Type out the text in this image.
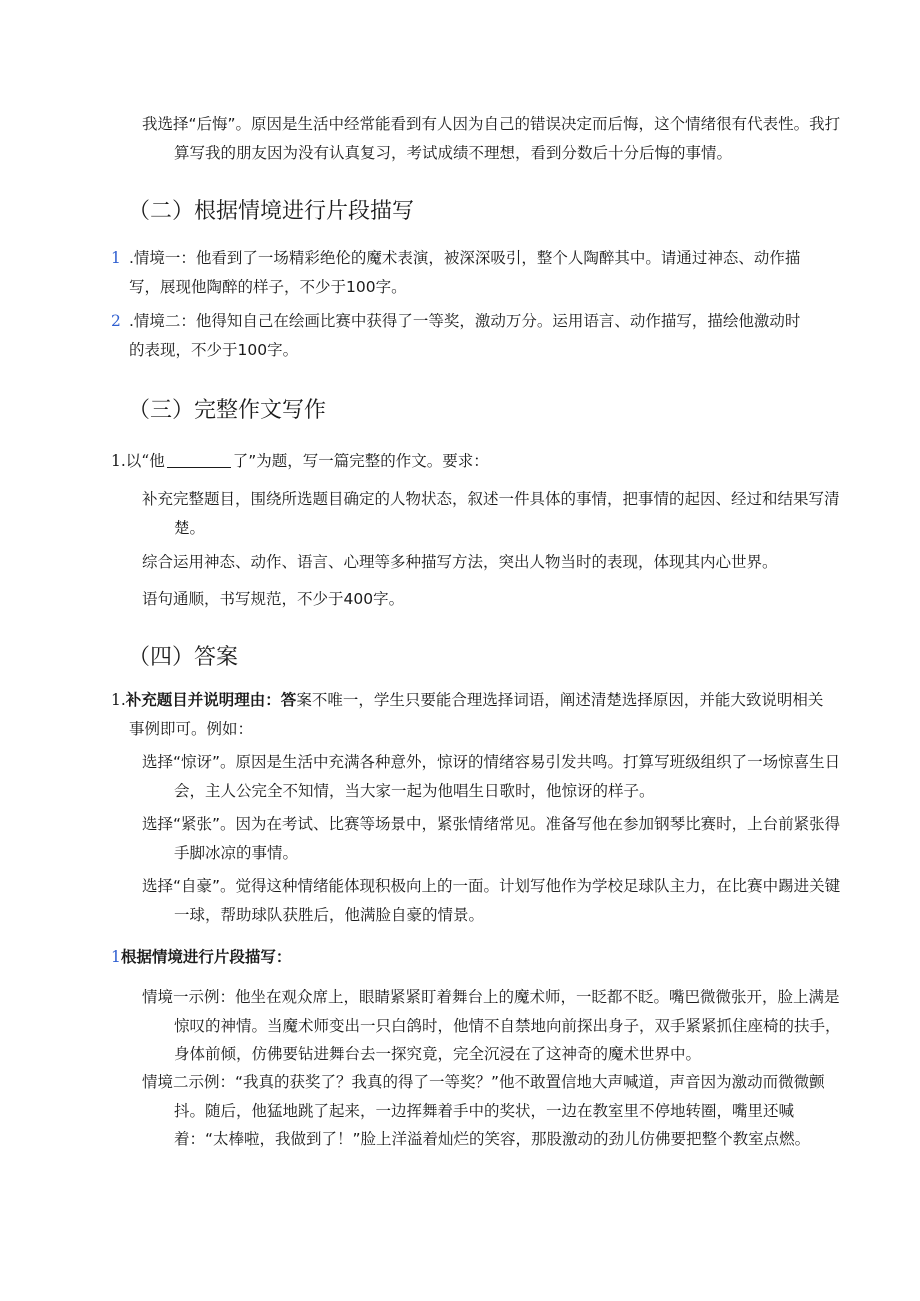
我选择“后悔”。原因是生活中经常能看到有人因为自己的错误决定而后悔，这个情绪很有代表性。我打算写我的朋友因为没有认真复习，考试成绩不理想，看到分数后十分后悔的事情。
（二）根据情境进行片段描写
1 .情境一：他看到了一场精彩绝伦的魔术表演，被深深吸引，整个人陶醉其中。请通过神态、动作描写，展现他陶醉的样子，不少于100字。
2 .情境二：他得知自己在绘画比赛中获得了一等奖，激动万分。运用语言、动作描写，描绘他激动时的表现，不少于100字。
（三）完整作文写作
1.以“他	了”为题，写一篇完整的作文。要求：
补充完整题目，围绕所选题目确定的人物状态，叙述一件具体的事情，把事情的起因、经过和结果写清楚。
综合运用神态、动作、语言、心理等多种描写方法，突出人物当时的表现，体现其内心世界。
语句通顺，书写规范，不少于400字。
（四）答案
1.补充题目并说明理由：答案不唯一，学生只要能合理选择词语，阐述清楚选择原因，并能大致说明相关事例即可。例如：
选择“惊讶”。原因是生活中充满各种意外，惊讶的情绪容易引发共鸣。打算写班级组织了一场惊喜生日会，主人公完全不知情，当大家一起为他唱生日歌时，他惊讶的样子。
选择“紧张”。因为在考试、比赛等场景中，紧张情绪常见。准备写他在参加钢琴比赛时，上台前紧张得手脚冰凉的事情。
选择“自豪”。觉得这种情绪能体现积极向上的一面。计划写他作为学校足球队主力，在比赛中踢进关键一球，帮助球队获胜后，他满脸自豪的情景。
1根据情境进行片段描写：
情境一示例：他坐在观众席上，眼睛紧紧盯着舞台上的魔术师，一眨都不眨。嘴巴微微张开，脸上满是惊叹的神情。当魔术师变出一只白鸽时，他情不自禁地向前探出身子，双手紧紧抓住座椅的扶手，身体前倾，仿佛要钻进舞台去一探究竟，完全沉浸在了这神奇的魔术世界中。
情境二示例：“我真的获奖了？我真的得了一等奖？”他不敢置信地大声喊道，声音因为激动而微微颤抖。随后，他猛地跳了起来，一边挥舞着手中的奖状，一边在教室里不停地转圈，嘴里还喊着：“太棒啦，我做到了！”脸上洋溢着灿烂的笑容，那股激动的劲儿仿佛要把整个教室点燃。
